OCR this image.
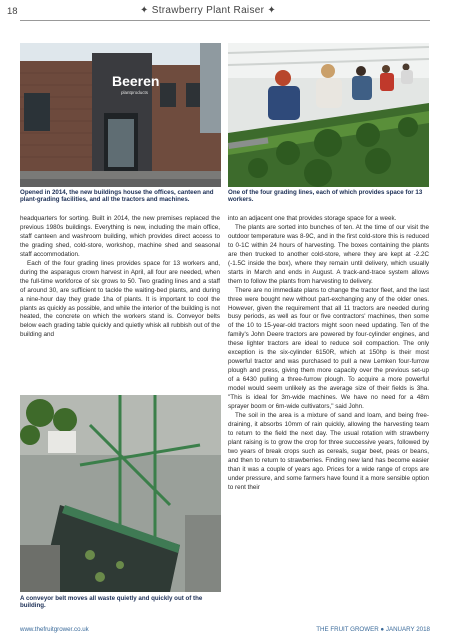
18	✦ Strawberry Plant Raiser ✦
Beeren
plantproducts
Opened in 2014, the new buildings house the offices, canteen and plant-grading facilities, and all the tractors and machines.
One of the four grading lines, each of which provides space for 13 workers.

headquarters for sorting. Built in 2014, the new premises replaced the previous 1980s buildings. Everything is new, including the main office, staff canteen and washroom building, which provides direct access to the grading shed, cold-store, workshop, machine shed and seasonal staff accommodation.

Each of the four grading lines provides space for 13 workers and, during the asparagus crown harvest in April, all four are needed, when the full-time workforce of six grows to 50. Two grading lines and a staff of around 30, are sufficient to tackle the waiting-bed plants, and during a nine-hour day they grade 1ha of plants. It is important to cool the plants as quickly as possible, and while the interior of the building is not heated, the concrete on which the workers stand is. Conveyor belts below each grading table quickly and quietly whisk all rubbish out of the building and

A conveyor belt moves all waste quietly and quickly out of the building.

into an adjacent one that provides storage space for a week.

The plants are sorted into bunches of ten. At the time of our visit the outdoor temperature was 8-9C, and in the first cold-store this is reduced to 0-1C within 24 hours of harvesting. The boxes containing the plants are then trucked to another cold-store, where they are kept at -2.2C (-1.5C inside the box), where they remain until delivery, which usually starts in March and ends in August. A track-and-trace system allows them to follow the plants from harvesting to delivery.

There are no immediate plans to change the tractor fleet, and the last three were bought new without part-exchanging any of the older ones. However, given the requirement that all 11 tractors are needed during busy periods, as well as four or five contractors' machines, then some of the 10 to 15-year-old tractors might soon need updating. Ten of the family's John Deere tractors are powered by four-cylinder engines, and these lighter tractors are ideal to reduce soil compaction. The only exception is the six-cylinder 6150R, which at 150hp is their most powerful tractor and was purchased to pull a new Lemken four-furrow plough and press, giving them more capacity over the previous set-up of a 6430 pulling a three-furrow plough. To acquire a more powerful model would seem unlikely as the average size of their fields is 3ha. "This is ideal for 3m-wide machines. We have no need for a 48m sprayer boom or 6m-wide cultivators," said John.

The soil in the area is a mixture of sand and loam, and being free-draining, it absorbs 10mm of rain quickly, allowing the harvesting team to return to the field the next day. The usual rotation with strawberry plant raising is to grow the crop for three successive years, followed by two years of break crops such as cereals, sugar beet, peas or beans, and then to return to strawberries. Finding new land has become easier than it was a couple of years ago. Prices for a wide range of crops are under pressure, and some farmers have found it a more sensible option to rent their

www.thefruitgrower.co.uk	THE FRUIT GROWER ● JANUARY 2018
